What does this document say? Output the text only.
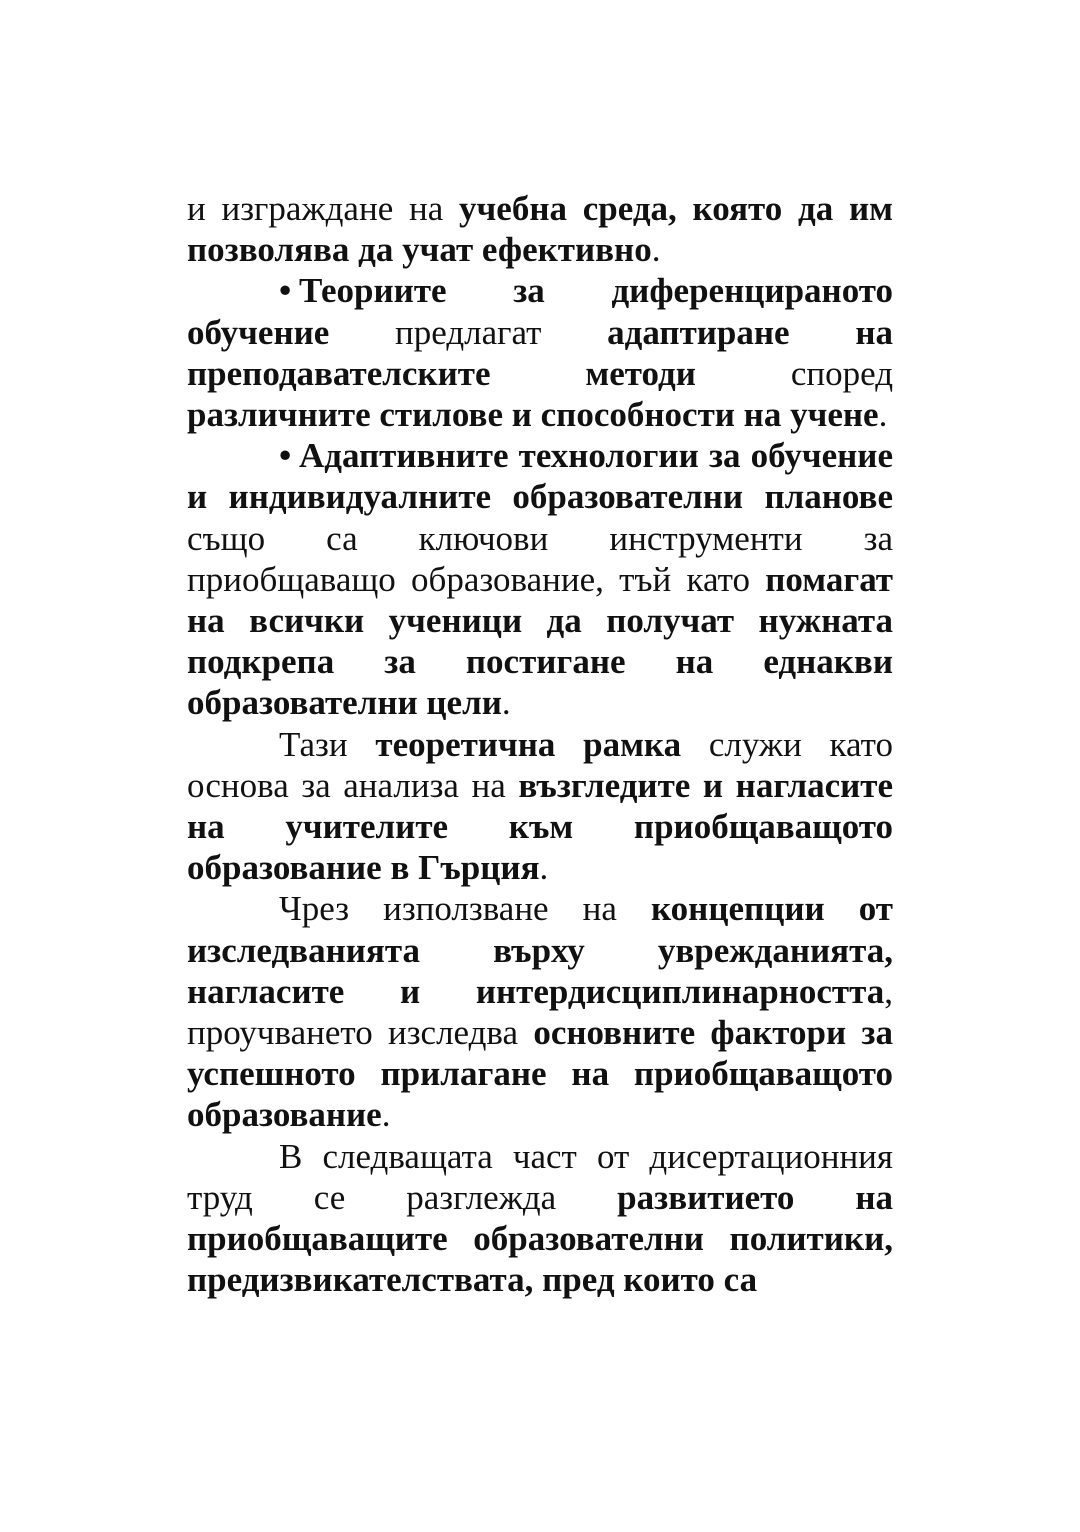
и изграждане на учебна среда, която да им позволява да учат ефективно.

• Теориите за диференцираното обучение предлагат адаптиране на преподавателските методи според различните стилове и способности на учене.

• Адаптивните технологии за обучение и индивидуалните образователни планове също са ключови инструменти за приобщаващо образование, тъй като помагат на всички ученици да получат нужната подкрепа за постигане на еднакви образователни цели.

Тази теоретична рамка служи като основа за анализа на възгледите и нагласите на учителите към приобщаващото образование в Гърция.

Чрез използване на концепции от изследванията върху уврежданията, нагласите и интердисциплинарността, проучването изследва основните фактори за успешното прилагане на приобщаващото образование.

В следващата част от дисертационния труд се разглежда развитието на приобщаващите образователни политики, предизвикателствата, пред които са
